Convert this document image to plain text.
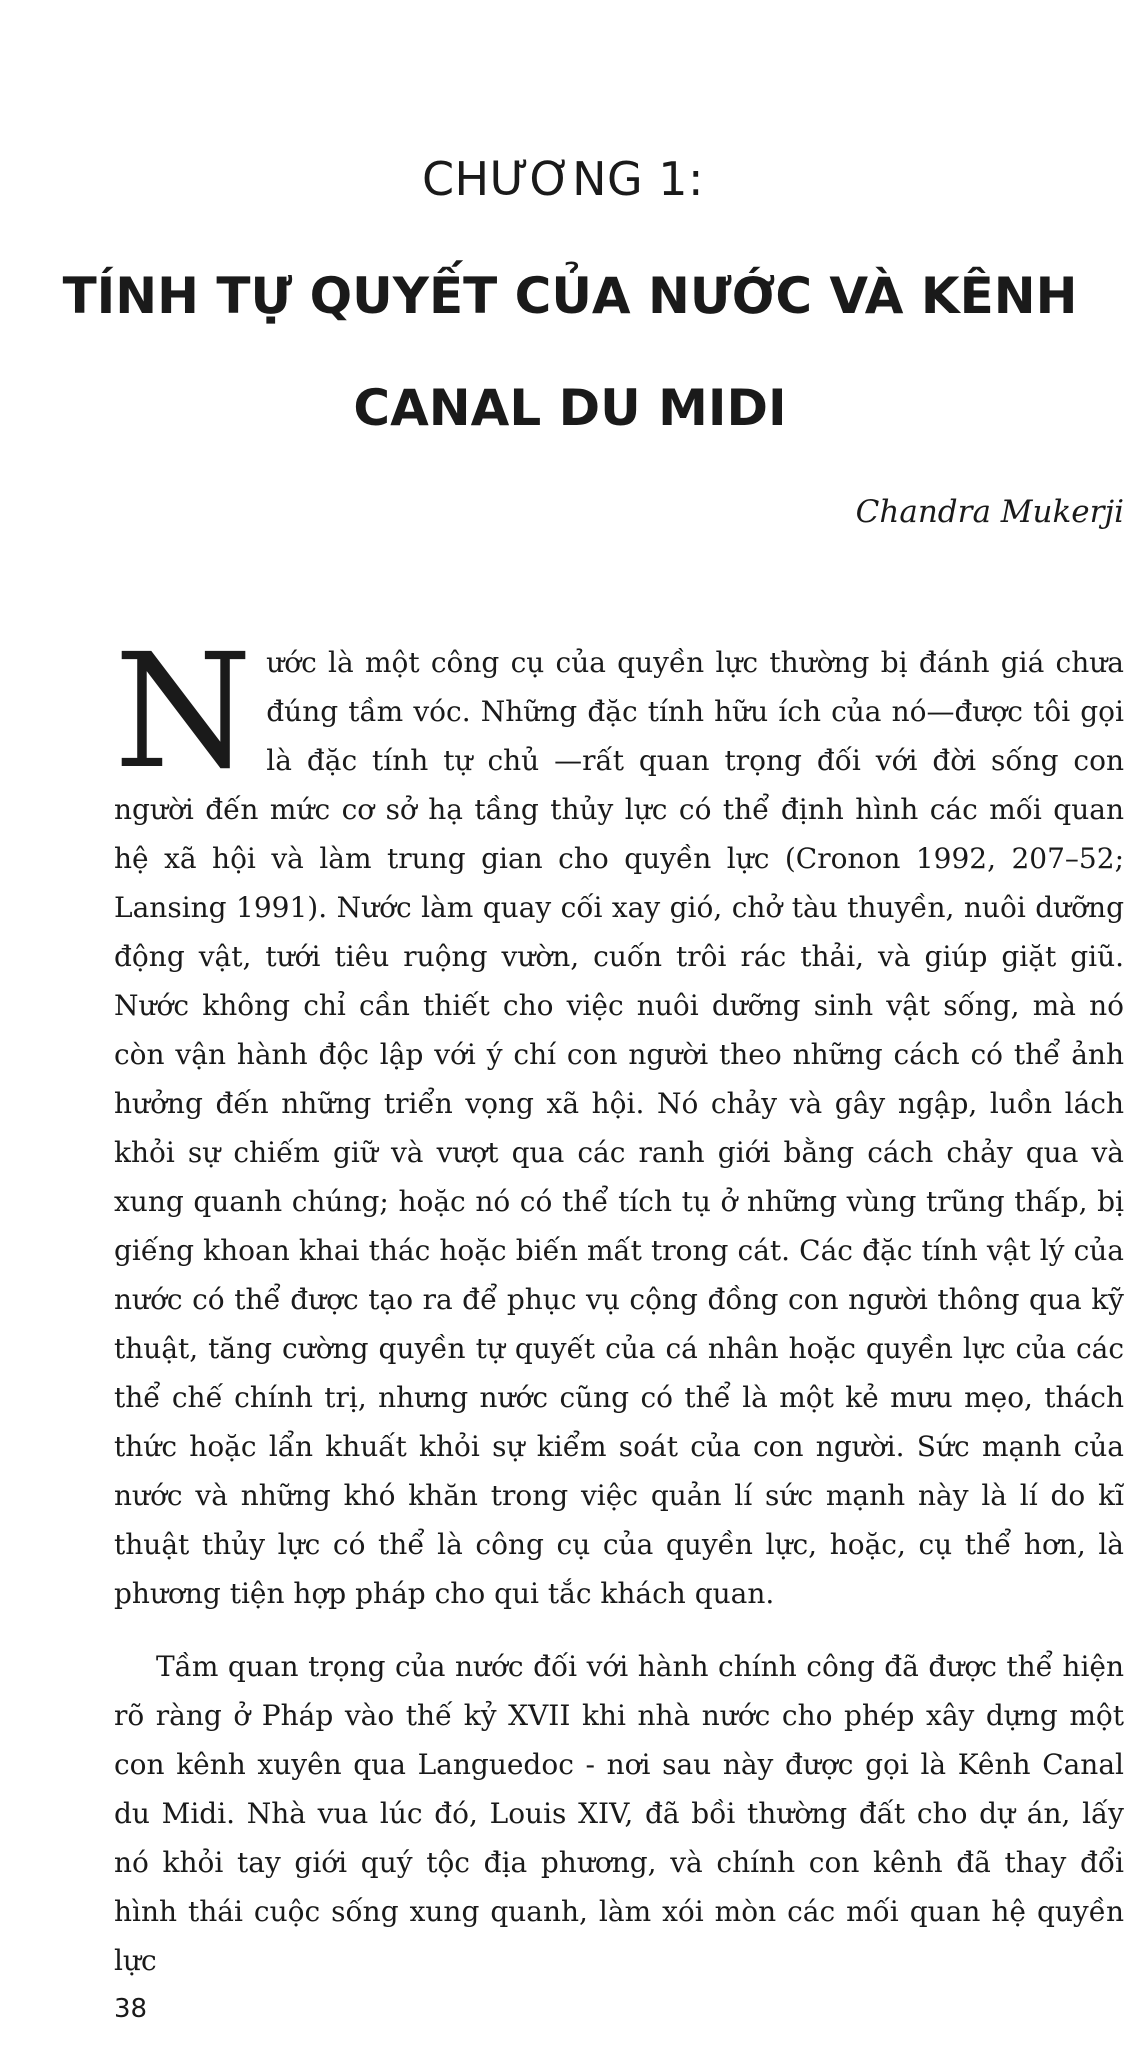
CHƯƠNG 1:
TÍNH TỰ QUYẾT CỦA NƯỚC VÀ KÊNH CANAL DU MIDI
Chandra Mukerji

Nước là một công cụ của quyền lực thường bị đánh giá chưa đúng tầm vóc. Những đặc tính hữu ích của nó—được tôi gọi là đặc tính tự chủ —rất quan trọng đối với đời sống con người đến mức cơ sở hạ tầng thủy lực có thể định hình các mối quan hệ xã hội và làm trung gian cho quyền lực (Cronon 1992, 207–52; Lansing 1991). Nước làm quay cối xay gió, chở tàu thuyền, nuôi dưỡng động vật, tưới tiêu ruộng vườn, cuốn trôi rác thải, và giúp giặt giũ. Nước không chỉ cần thiết cho việc nuôi dưỡng sinh vật sống, mà nó còn vận hành độc lập với ý chí con người theo những cách có thể ảnh hưởng đến những triển vọng xã hội. Nó chảy và gây ngập, luồn lách khỏi sự chiếm giữ và vượt qua các ranh giới bằng cách chảy qua và xung quanh chúng; hoặc nó có thể tích tụ ở những vùng trũng thấp, bị giếng khoan khai thác hoặc biến mất trong cát. Các đặc tính vật lý của nước có thể được tạo ra để phục vụ cộng đồng con người thông qua kỹ thuật, tăng cường quyền tự quyết của cá nhân hoặc quyền lực của các thể chế chính trị, nhưng nước cũng có thể là một kẻ mưu mẹo, thách thức hoặc lẩn khuất khỏi sự kiểm soát của con người. Sức mạnh của nước và những khó khăn trong việc quản lí sức mạnh này là lí do kĩ thuật thủy lực có thể là công cụ của quyền lực, hoặc, cụ thể hơn, là phương tiện hợp pháp cho qui tắc khách quan.

Tầm quan trọng của nước đối với hành chính công đã được thể hiện rõ ràng ở Pháp vào thế kỷ XVII khi nhà nước cho phép xây dựng một con kênh xuyên qua Languedoc - nơi sau này được gọi là Kênh Canal du Midi. Nhà vua lúc đó, Louis XIV, đã bồi thường đất cho dự án, lấy nó khỏi tay giới quý tộc địa phương, và chính con kênh đã thay đổi hình thái cuộc sống xung quanh, làm xói mòn các mối quan hệ quyền lực

38
